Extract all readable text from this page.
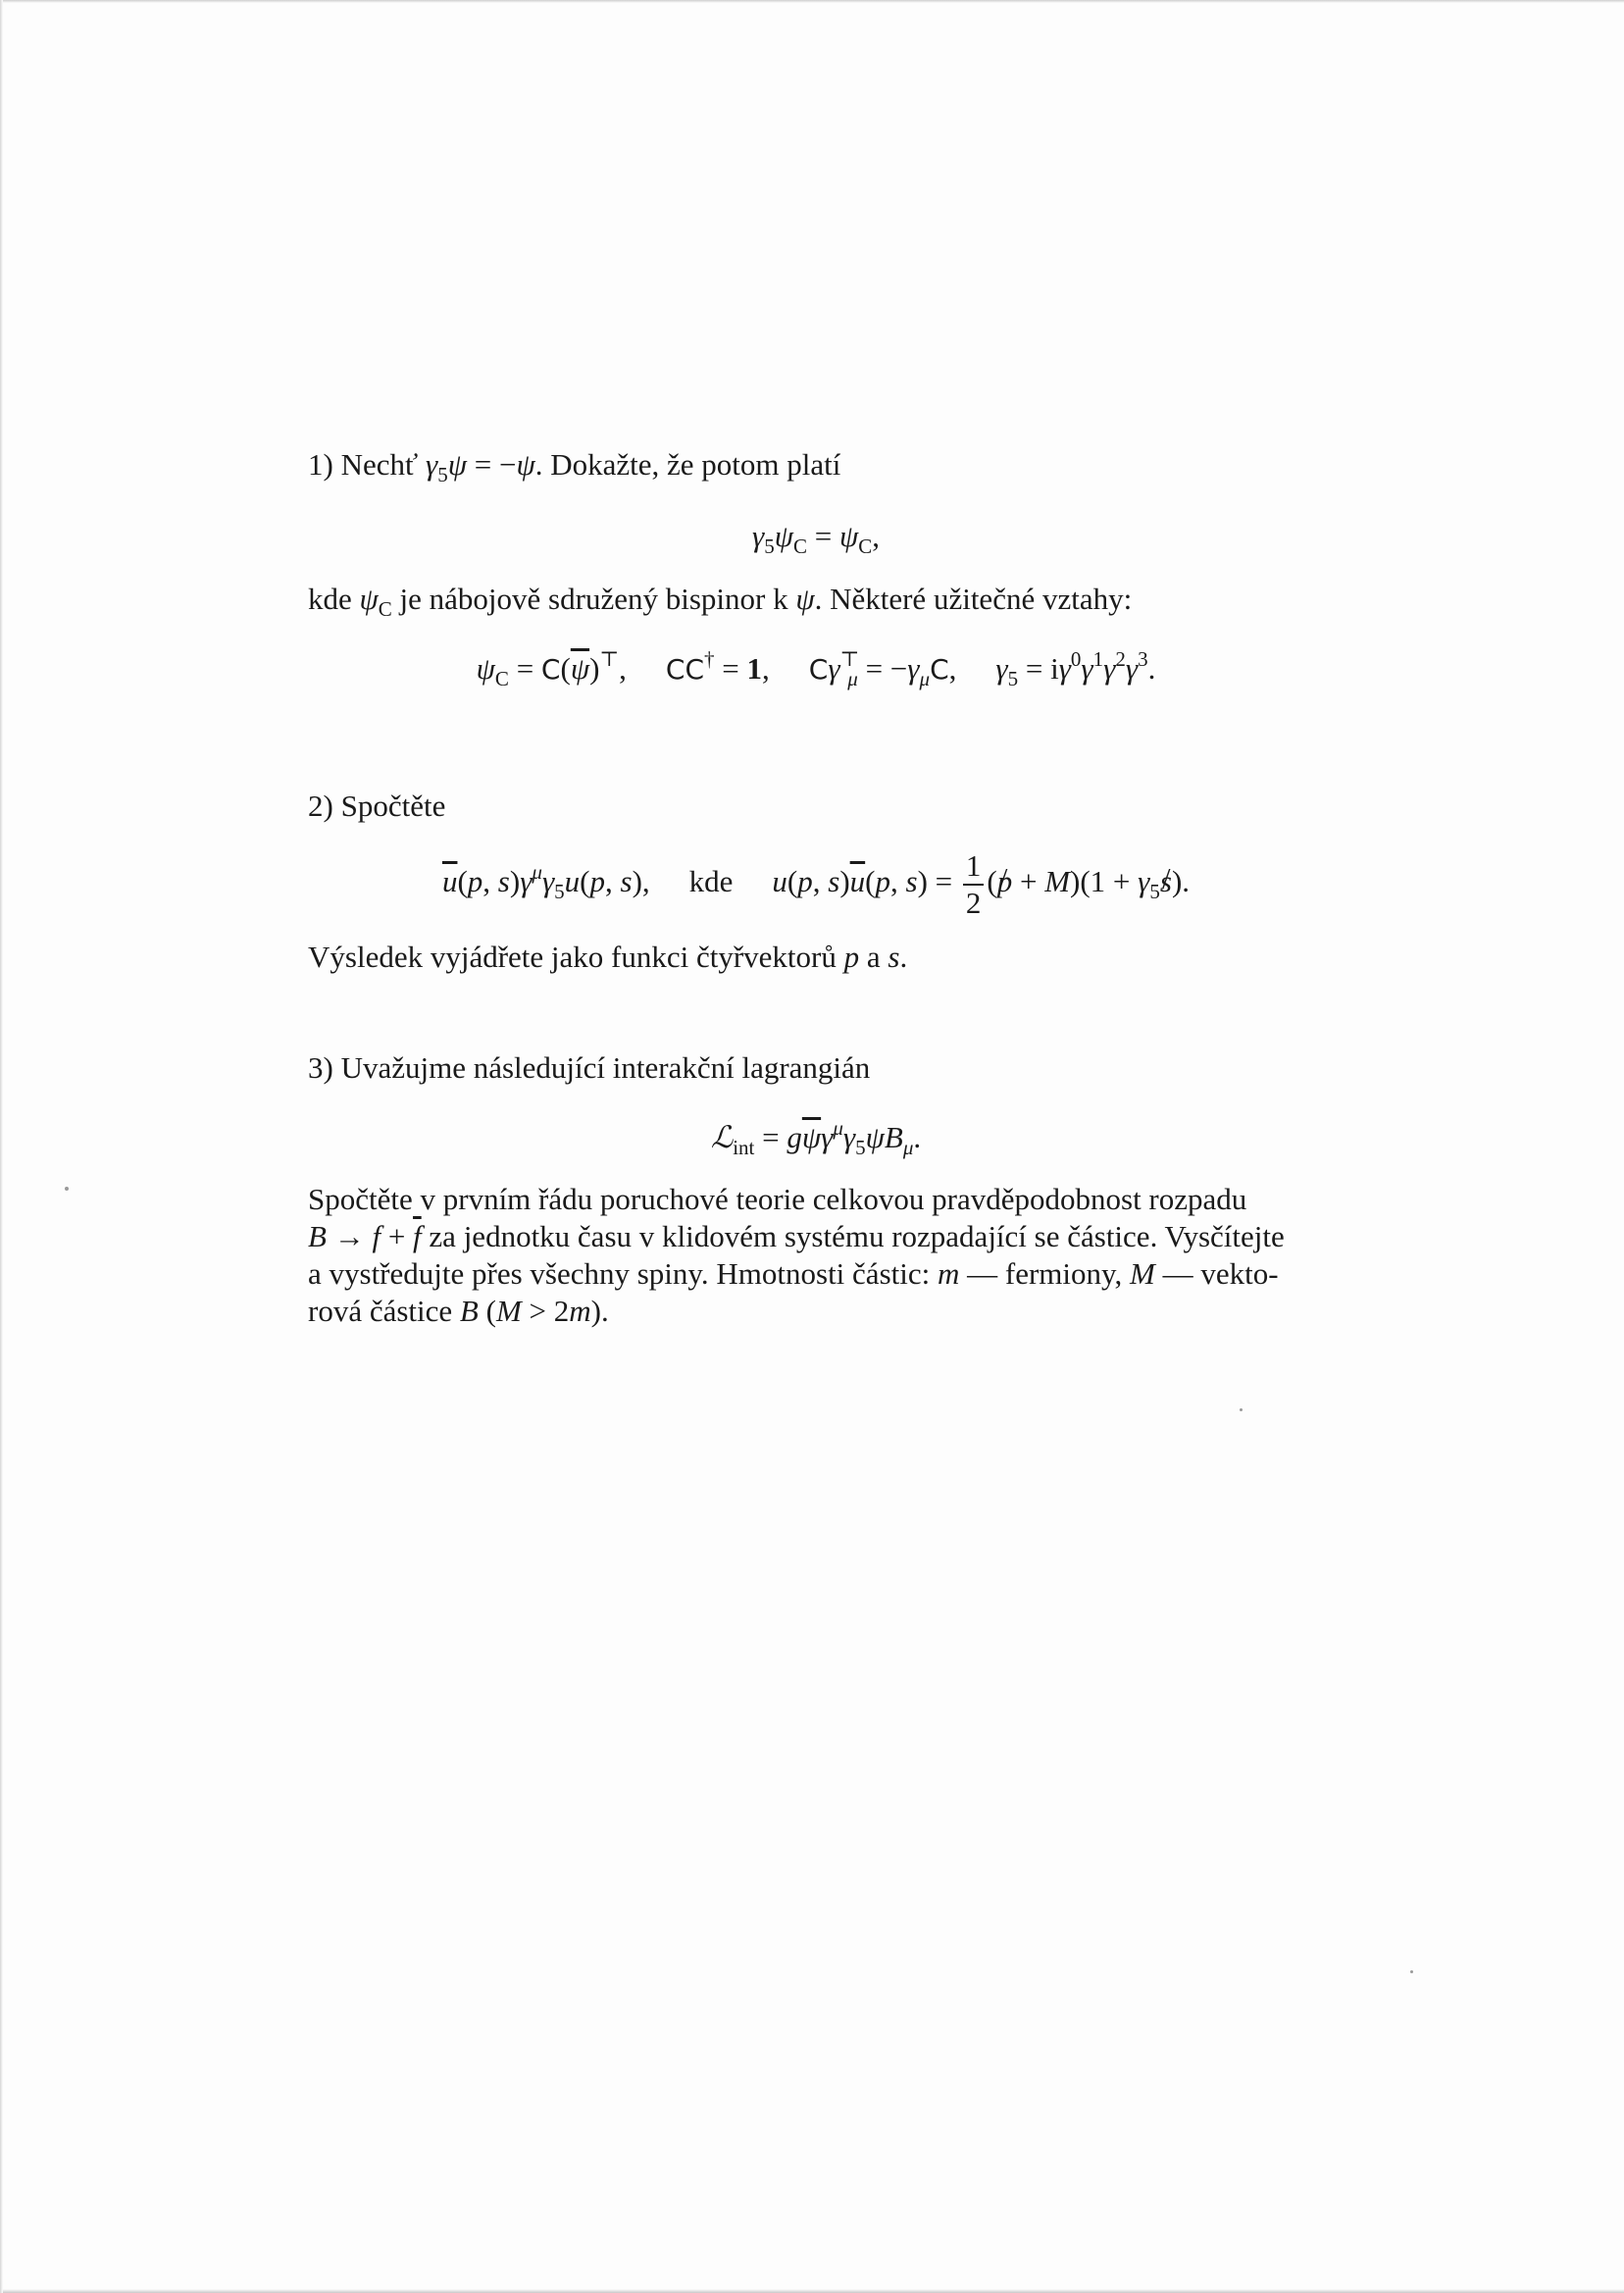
1) Nechť $\gamma_5\psi = -\psi$. Dokažte, že potom platí
$\gamma_5\psi_C = \psi_C$,
kde $\psi_C$ je nábojově sdružený bispinor k ψ. Některé užitečné vztahy:
$\psi_C = C(\overline{\psi})^⊤$, CC† = 1, $C\gamma^⊤_\mu = -\gamma_\mu C$, $\gamma_5 = i\gamma^0\gamma^1\gamma^2\gamma^3$.
2) Spočtěte
$\overline{u}(p$, $s)\gamma^\mu\gamma_5u(p$, s), kde u(p, $s)\overline{u}(p$, $s) = \frac{1}{2} (p$ / + $M)(1 + \gamma_5s$ /).
Výsledek vyjádřete jako funkci čtyřvektorů p a s.
3) Uvažujme následující interakční lagrangián
ℒ$_{int}$ = $g\overline{\psi}\gamma^\mu\gamma_5\psi B_\mu$.
Spočtěte v prvním řádu poruchové teorie celkovou pravděpodobnost rozpadu
$B \to f + \overline{f}$ za jednotku času v klidovém systému rozpadající se částice. Vysčítejte
a vystředujte přes všechny spiny. Hmotnosti částic: m — fermiony, M — vekto-
rová částice B (M > 2m).
